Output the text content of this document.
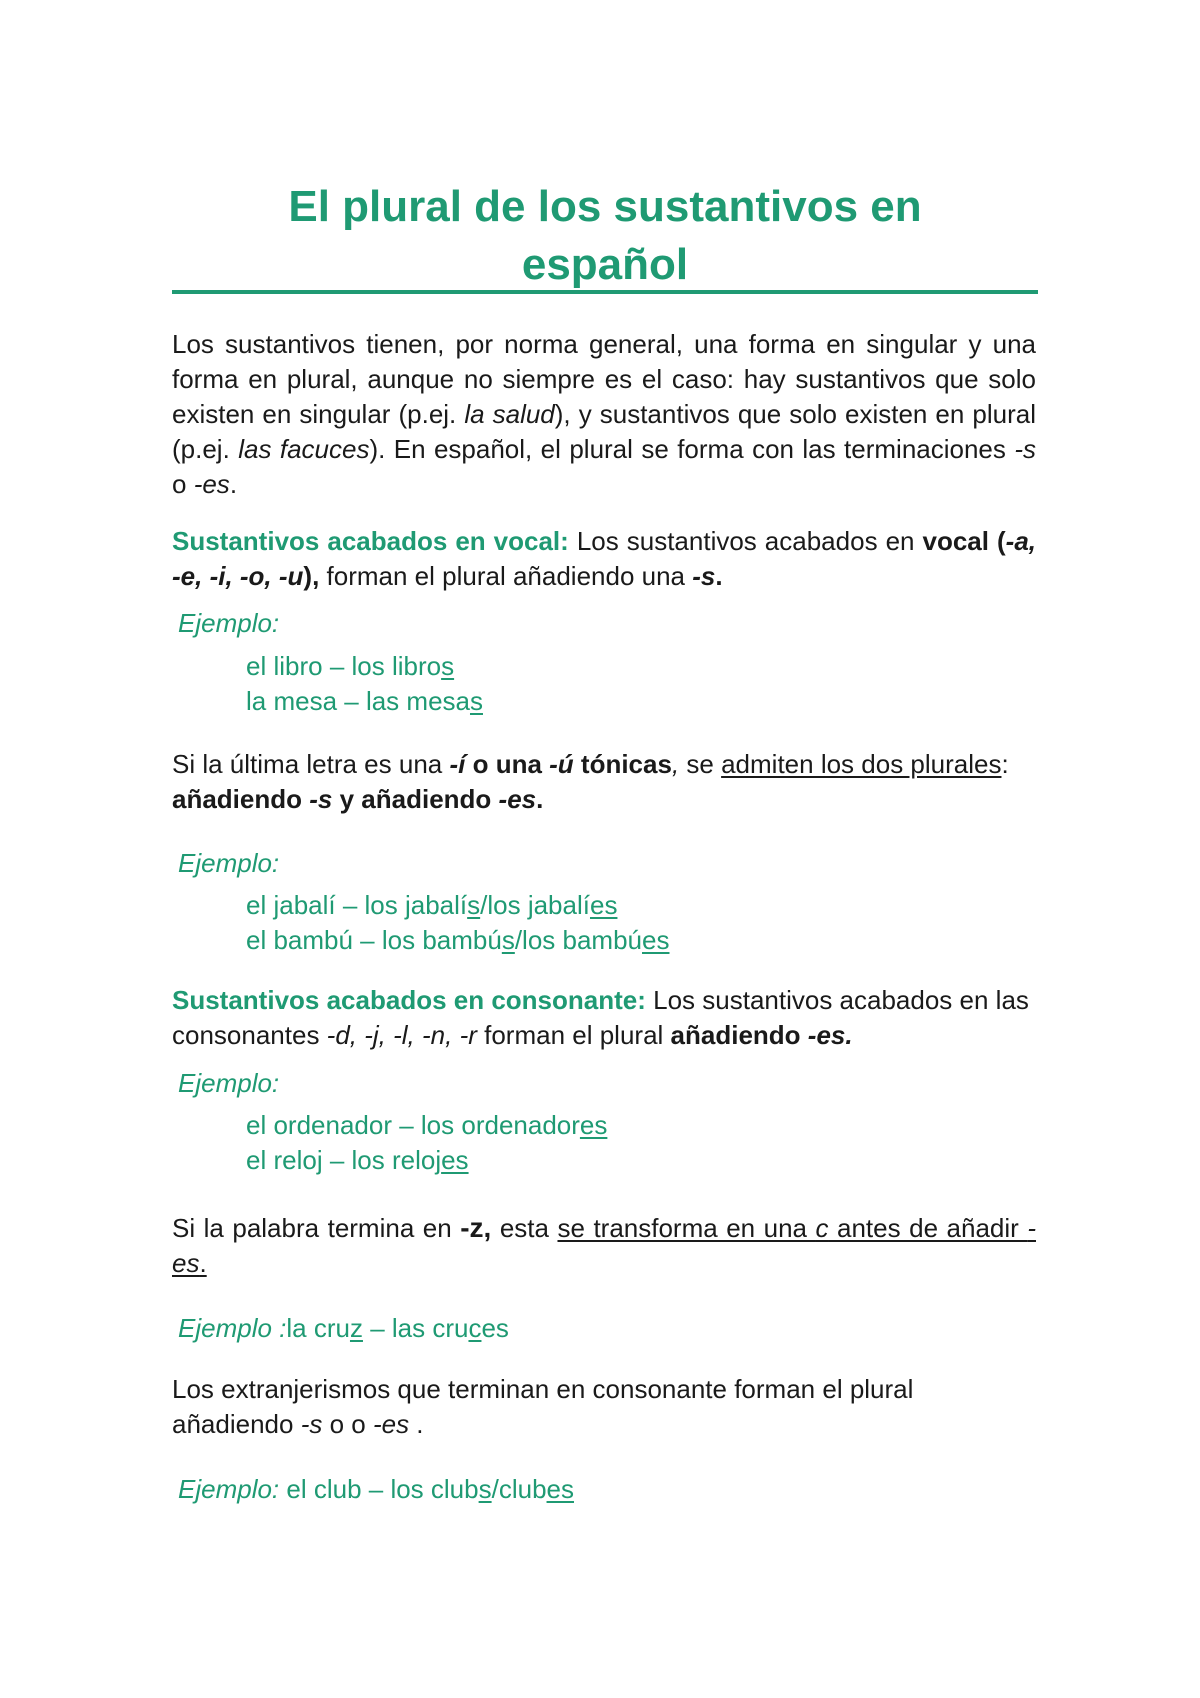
El plural de los sustantivos en
español

Los sustantivos tienen, por norma general, una forma en singular y una forma en plural, aunque no siempre es el caso: hay sustantivos que solo existen en singular (p.ej. la salud), y sustantivos que solo existen en plural (p.ej. las facuces). En español, el plural se forma con las terminaciones -s o -es.

Sustantivos acabados en vocal: Los sustantivos acabados en vocal (-a, -e, -i, -o, -u), forman el plural añadiendo una -s.

Ejemplo:

el libro – los libros

la mesa – las mesas

Si la última letra es una -í o una -ú tónicas, se admiten los dos plurales: añadiendo -s y añadiendo -es.

Ejemplo:

el jabalí – los jabalís/los jabalíes

el bambú – los bambús/los bambúes

Sustantivos acabados en consonante: Los sustantivos acabados en las consonantes -d, -j, -l, -n, -r forman el plural añadiendo -es.

Ejemplo:

el ordenador – los ordenadores

el reloj – los relojes

Si la palabra termina en -z, esta se transforma en una c antes de añadir -es.

Ejemplo :la cruz – las cruces

Los extranjerismos que terminan en consonante forman el plural añadiendo -s o o -es .

Ejemplo: el club – los clubs/clubes
